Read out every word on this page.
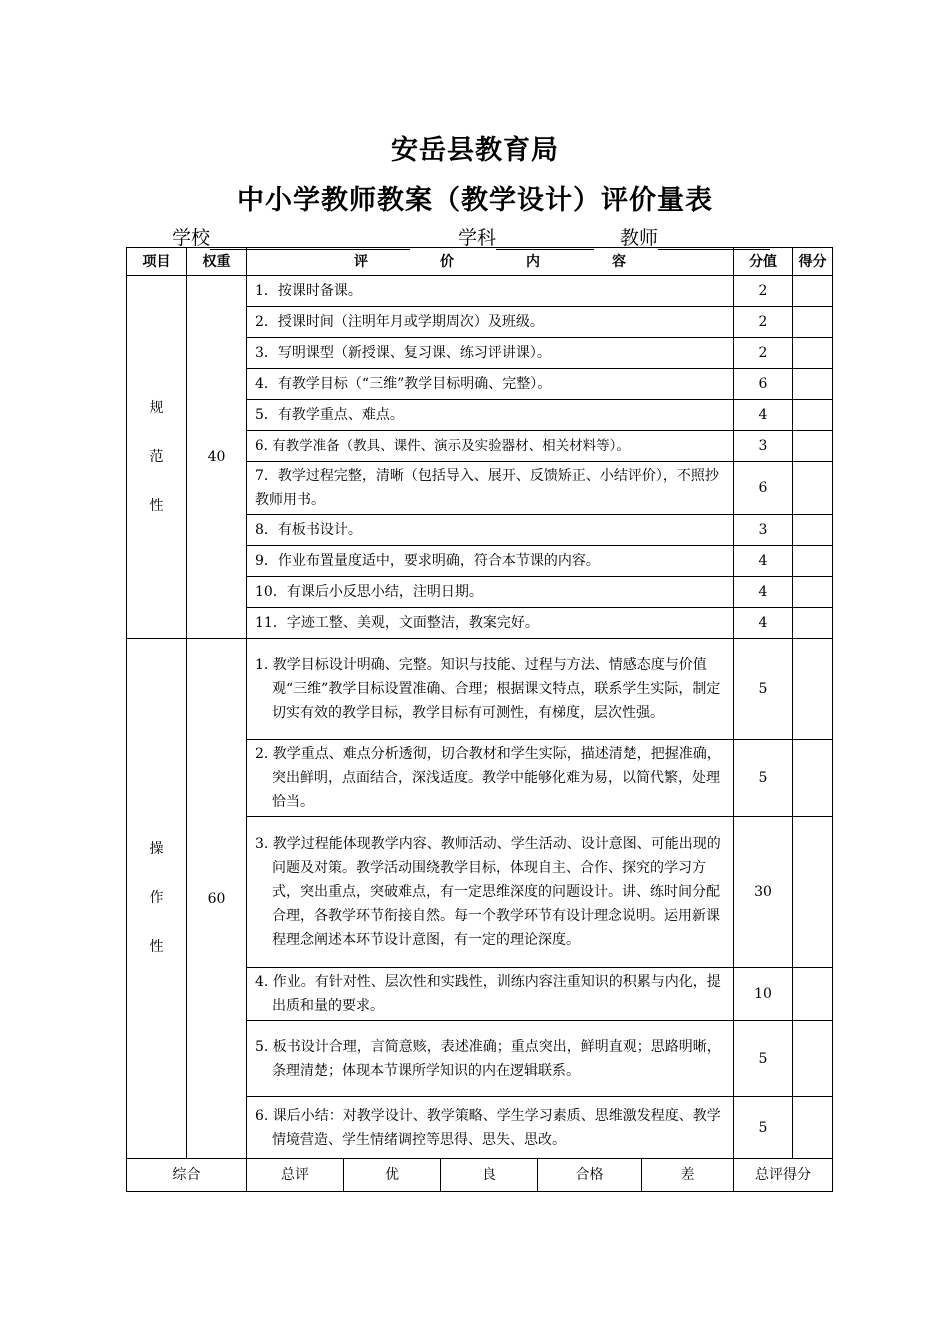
安岳县教育局
中小学教师教案（教学设计）评价量表
学校	学科	教师
项目	权重	评 价 内 容					分值	得分

规
范
性	40	1．按课时备课。					2	
		2．授课时间（注明年月或学期周次）及班级。					2	
		3．写明课型（新授课、复习课、练习评讲课）。					2	
		4．有教学目标（“三维”教学目标明确、完整）。					6	
		5．有教学重点、难点。					4	
		6. 有教学准备（教具、课件、演示及实验器材、相关材料等）。					3	
		7．教学过程完整，清晰（包括导入、展开、反馈矫正、小结评价），不照抄教师用书。					6	
		8．有板书设计。					3	
		9．作业布置量度适中，要求明确，符合本节课的内容。					4	
		10．有课后小反思小结，注明日期。					4	
		11．字迹工整、美观，文面整洁，教案完好。					4	

操
作
性	60	1. 教学目标设计明确、完整。知识与技能、过程与方法、情感态度与价值观“三维”教学目标设置准确、合理；根据课文特点，联系学生实际，制定切实有效的教学目标，教学目标有可测性，有梯度，层次性强。					5	
		2. 教学重点、难点分析透彻，切合教材和学生实际，描述清楚，把握准确，突出鲜明，点面结合，深浅适度。教学中能够化难为易，以简代繁，处理恰当。					5	
		3. 教学过程能体现教学内容、教师活动、学生活动、设计意图、可能出现的问题及对策。教学活动围绕教学目标，体现自主、合作、探究的学习方式，突出重点，突破难点，有一定思维深度的问题设计。讲、练时间分配合理，各教学环节衔接自然。每一个教学环节有设计理念说明。运用新课程理念阐述本环节设计意图，有一定的理论深度。					30	
		4. 作业。有针对性、层次性和实践性，训练内容注重知识的积累与内化，提出质和量的要求。					10	
		5. 板书设计合理，言简意赅，表述准确；重点突出，鲜明直观；思路明晰，条理清楚；体现本节课所学知识的内在逻辑联系。					5	
		6. 课后小结：对教学设计、教学策略、学生学习素质、思维激发程度、教学情境营造、学生情绪调控等思得、思失、思改。					5	
综合		总评	优	良	合格	差	总评得分	
